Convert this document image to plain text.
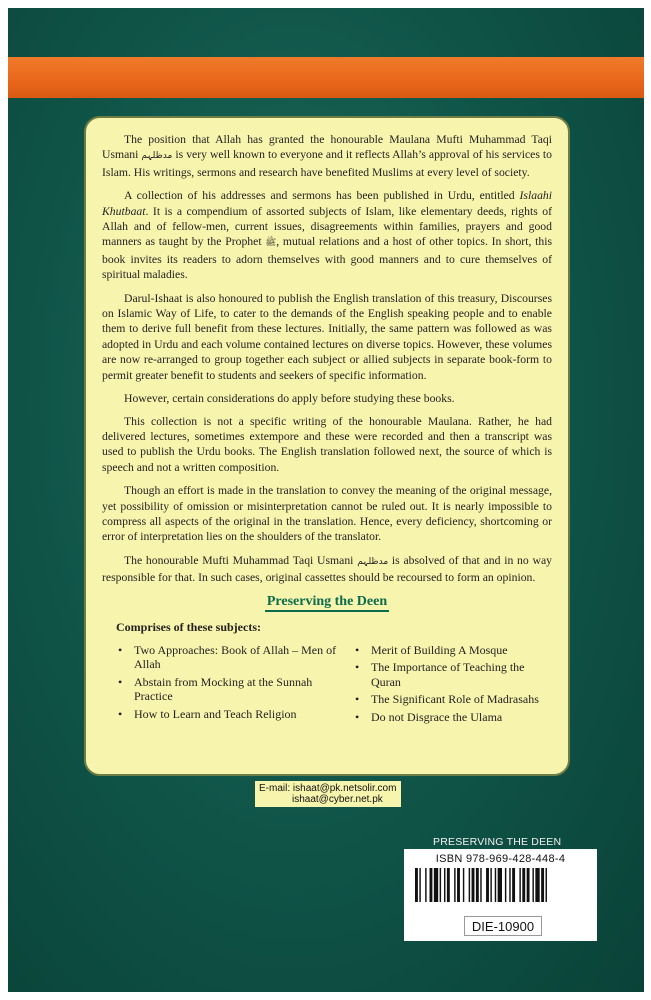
The position that Allah has granted the honourable Maulana Mufti Muhammad Taqi Usmani مدظلہم is very well known to everyone and it reflects Allah’s approval of his services to Islam. His writings, sermons and research have benefited Muslims at every level of society.

A collection of his addresses and sermons has been published in Urdu, entitled Islaahi Khutbaat. It is a compendium of assorted subjects of Islam, like elementary deeds, rights of Allah and of fellow-men, current issues, disagreements within families, prayers and good manners as taught by the Prophet ﷺ, mutual relations and a host of other topics. In short, this book invites its readers to adorn themselves with good manners and to cure themselves of spiritual maladies.

Darul-Ishaat is also honoured to publish the English translation of this treasury, Discourses on Islamic Way of Life, to cater to the demands of the English speaking people and to enable them to derive full benefit from these lectures. Initially, the same pattern was followed as was adopted in Urdu and each volume contained lectures on diverse topics. However, these volumes are now re-arranged to group together each subject or allied subjects in separate book-form to permit greater benefit to students and seekers of specific information.

However, certain considerations do apply before studying these books.

This collection is not a specific writing of the honourable Maulana. Rather, he had delivered lectures, sometimes extempore and these were recorded and then a transcript was used to publish the Urdu books. The English translation followed next, the source of which is speech and not a written composition.

Though an effort is made in the translation to convey the meaning of the original message, yet possibility of omission or misinterpretation cannot be ruled out. It is nearly impossible to compress all aspects of the original in the translation. Hence, every deficiency, shortcoming or error of interpretation lies on the shoulders of the translator.

The honourable Mufti Muhammad Taqi Usmani مدظلہم is absolved of that and in no way responsible for that. In such cases, original cassettes should be recoursed to form an opinion.

Preserving the Deen
Comprises of these subjects:
• Two Approaches: Book of Allah – Men of Allah
• Abstain from Mocking at the Sunnah Practice
• How to Learn and Teach Religion
• Merit of Building A Mosque
• The Importance of Teaching the Quran
• The Significant Role of Madrasahs
• Do not Disgrace the Ulama
E-mail: ishaat@pk.netsolir.com
ishaat@cyber.net.pk
PRESERVING THE DEEN
ISBN 978-969-428-448-4
DIE-10900
